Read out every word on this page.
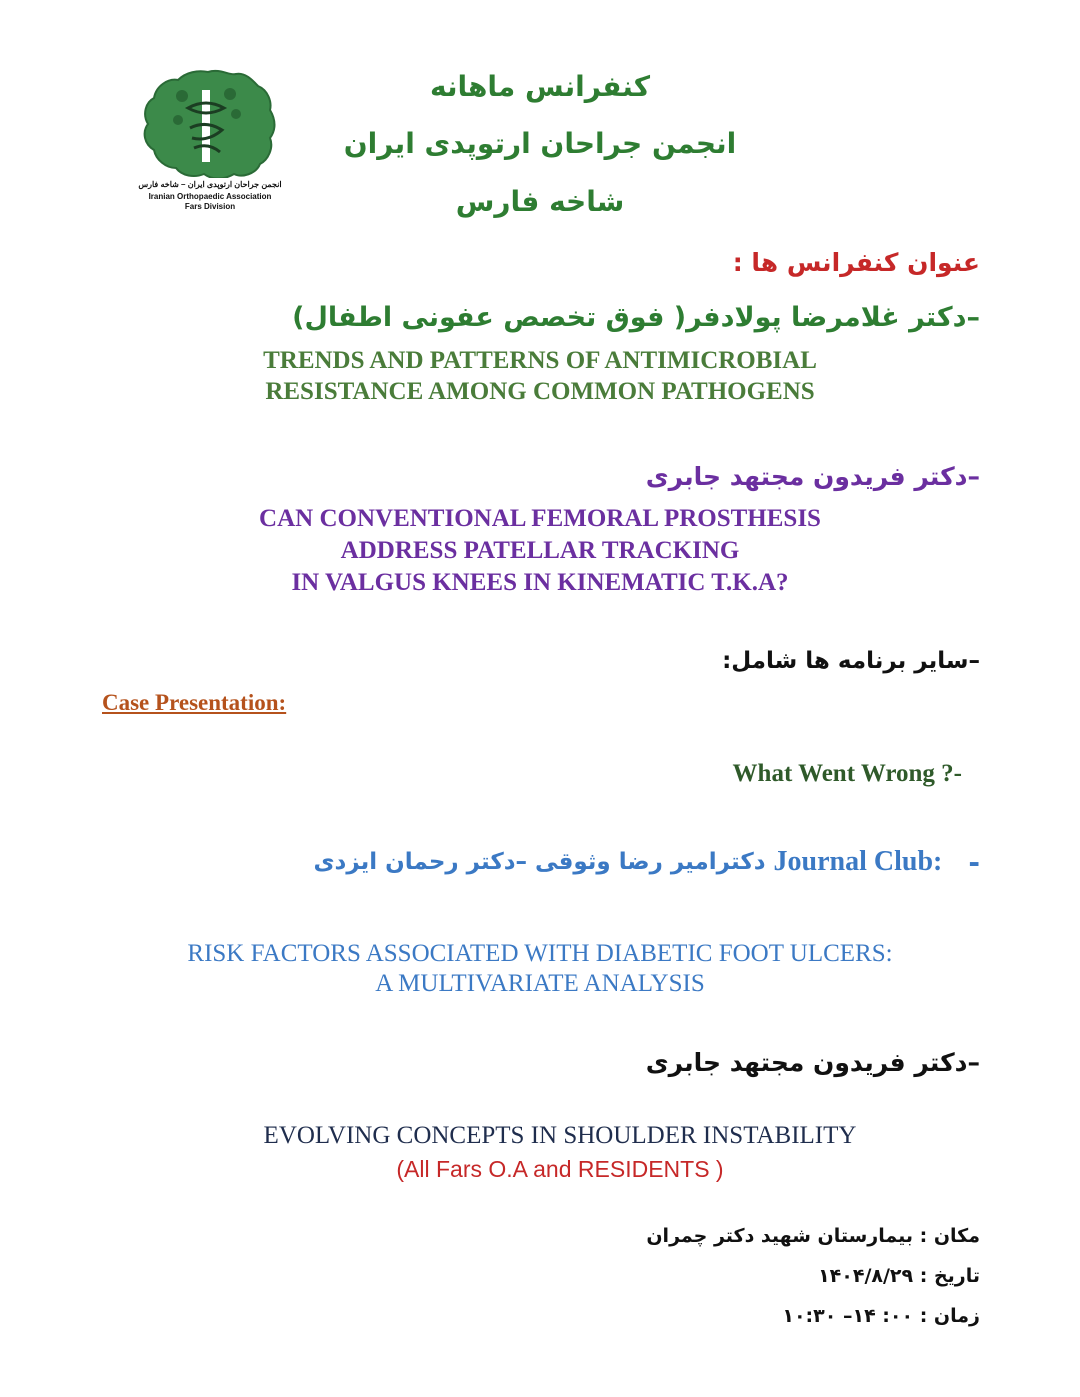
انجمن جراحان ارتوپدی ایران – شاخه فارس
Iranian Orthopaedic Association
Fars Division
کنفرانس ماهانه
انجمن جراحان ارتوپدی ایران
شاخه فارس
عنوان کنفرانس ها :
–دکتر غلامرضا پولادفر( فوق تخصص عفونی اطفال)
TRENDS AND PATTERNS OF ANTIMICROBIAL
RESISTANCE AMONG COMMON PATHOGENS
–دکتر فریدون مجتهد جابری
CAN CONVENTIONAL FEMORAL PROSTHESIS
ADDRESS PATELLAR TRACKING
IN VALGUS KNEES IN KINEMATIC T.K.A?
–سایر برنامه ها شامل:
Case Presentation:
What Went Wrong ?-
دکترامیر رضا وثوقی –دکتر رحمان ایزدی Journal Club: -
RISK FACTORS ASSOCIATED WITH DIABETIC FOOT ULCERS:
A MULTIVARIATE ANALYSIS
–دکتر فریدون مجتهد جابری
EVOLVING CONCEPTS IN SHOULDER INSTABILITY
(All Fars O.A and RESIDENTS )
مکان : بیمارستان شهید دکتر چمران
تاریخ : ۱۴۰۴/۸/۲۹
زمان : ۰۰: ۱۴– ۱۰:۳۰
